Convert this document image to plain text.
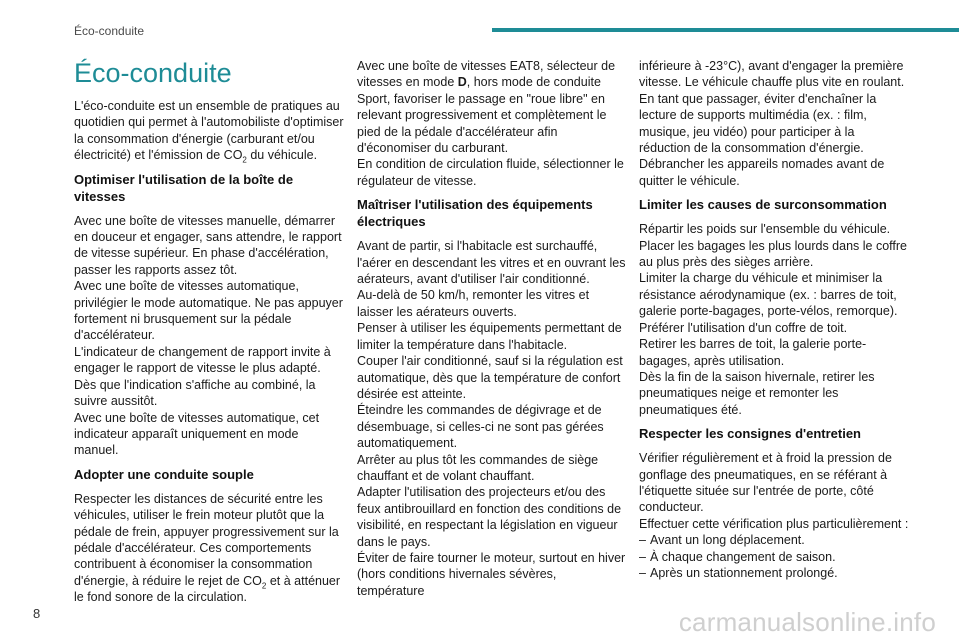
Éco-conduite
Éco-conduite

L'éco-conduite est un ensemble de pratiques au quotidien qui permet à l'automobiliste d'optimiser la consommation d'énergie (carburant et/ou électricité) et l'émission de $CO_2$ du véhicule.

Optimiser l'utilisation de la boîte de vitesses

Avec une boîte de vitesses manuelle, démarrer en douceur et engager, sans attendre, le rapport de vitesse supérieur. En phase d'accélération, passer les rapports assez tôt.

Avec une boîte de vitesses automatique, privilégier le mode automatique. Ne pas appuyer fortement ni brusquement sur la pédale d'accélérateur.

L'indicateur de changement de rapport invite à engager le rapport de vitesse le plus adapté. Dès que l'indication s'affiche au combiné, la suivre aussitôt.

Avec une boîte de vitesses automatique, cet indicateur apparaît uniquement en mode manuel.

Adopter une conduite souple

Respecter les distances de sécurité entre les véhicules, utiliser le frein moteur plutôt que la pédale de frein, appuyer progressivement sur la pédale d'accélérateur. Ces comportements contribuent à économiser la consommation d'énergie, à réduire le rejet de $CO_2$ et à atténuer le fond sonore de la circulation.

Avec une boîte de vitesses EAT8, sélecteur de vitesses en mode D, hors mode de conduite Sport, favoriser le passage en "roue libre" en relevant progressivement et complètement le pied de la pédale d'accélérateur afin d'économiser du carburant.

En condition de circulation fluide, sélectionner le régulateur de vitesse.

Maîtriser l'utilisation des équipements électriques

Avant de partir, si l'habitacle est surchauffé, l'aérer en descendant les vitres et en ouvrant les aérateurs, avant d'utiliser l'air conditionné.

Au-delà de 50 km/h, remonter les vitres et laisser les aérateurs ouverts.

Penser à utiliser les équipements permettant de limiter la température dans l'habitacle.

Couper l'air conditionné, sauf si la régulation est automatique, dès que la température de confort désirée est atteinte.

Éteindre les commandes de dégivrage et de désembuage, si celles-ci ne sont pas gérées automatiquement.

Arrêter au plus tôt les commandes de siège chauffant et de volant chauffant.

Adapter l'utilisation des projecteurs et/ou des feux antibrouillard en fonction des conditions de visibilité, en respectant la législation en vigueur dans le pays.

Éviter de faire tourner le moteur, surtout en hiver (hors conditions hivernales sévères, température

inférieure à -23°C), avant d'engager la première vitesse. Le véhicule chauffe plus vite en roulant.

En tant que passager, éviter d'enchaîner la lecture de supports multimédia (ex. : film, musique, jeu vidéo) pour participer à la réduction de la consommation d'énergie.

Débrancher les appareils nomades avant de quitter le véhicule.

Limiter les causes de surconsommation

Répartir les poids sur l'ensemble du véhicule. Placer les bagages les plus lourds dans le coffre au plus près des sièges arrière.

Limiter la charge du véhicule et minimiser la résistance aérodynamique (ex. : barres de toit, galerie porte-bagages, porte-vélos, remorque). Préférer l'utilisation d'un coffre de toit.

Retirer les barres de toit, la galerie porte-bagages, après utilisation.

Dès la fin de la saison hivernale, retirer les pneumatiques neige et remonter les pneumatiques été.

Respecter les consignes d'entretien

Vérifier régulièrement et à froid la pression de gonflage des pneumatiques, en se référant à l'étiquette située sur l'entrée de porte, côté conducteur.

Effectuer cette vérification plus particulièrement :

– Avant un long déplacement.
– À chaque changement de saison.
– Après un stationnement prolongé.
8	carmanualsonline.info
